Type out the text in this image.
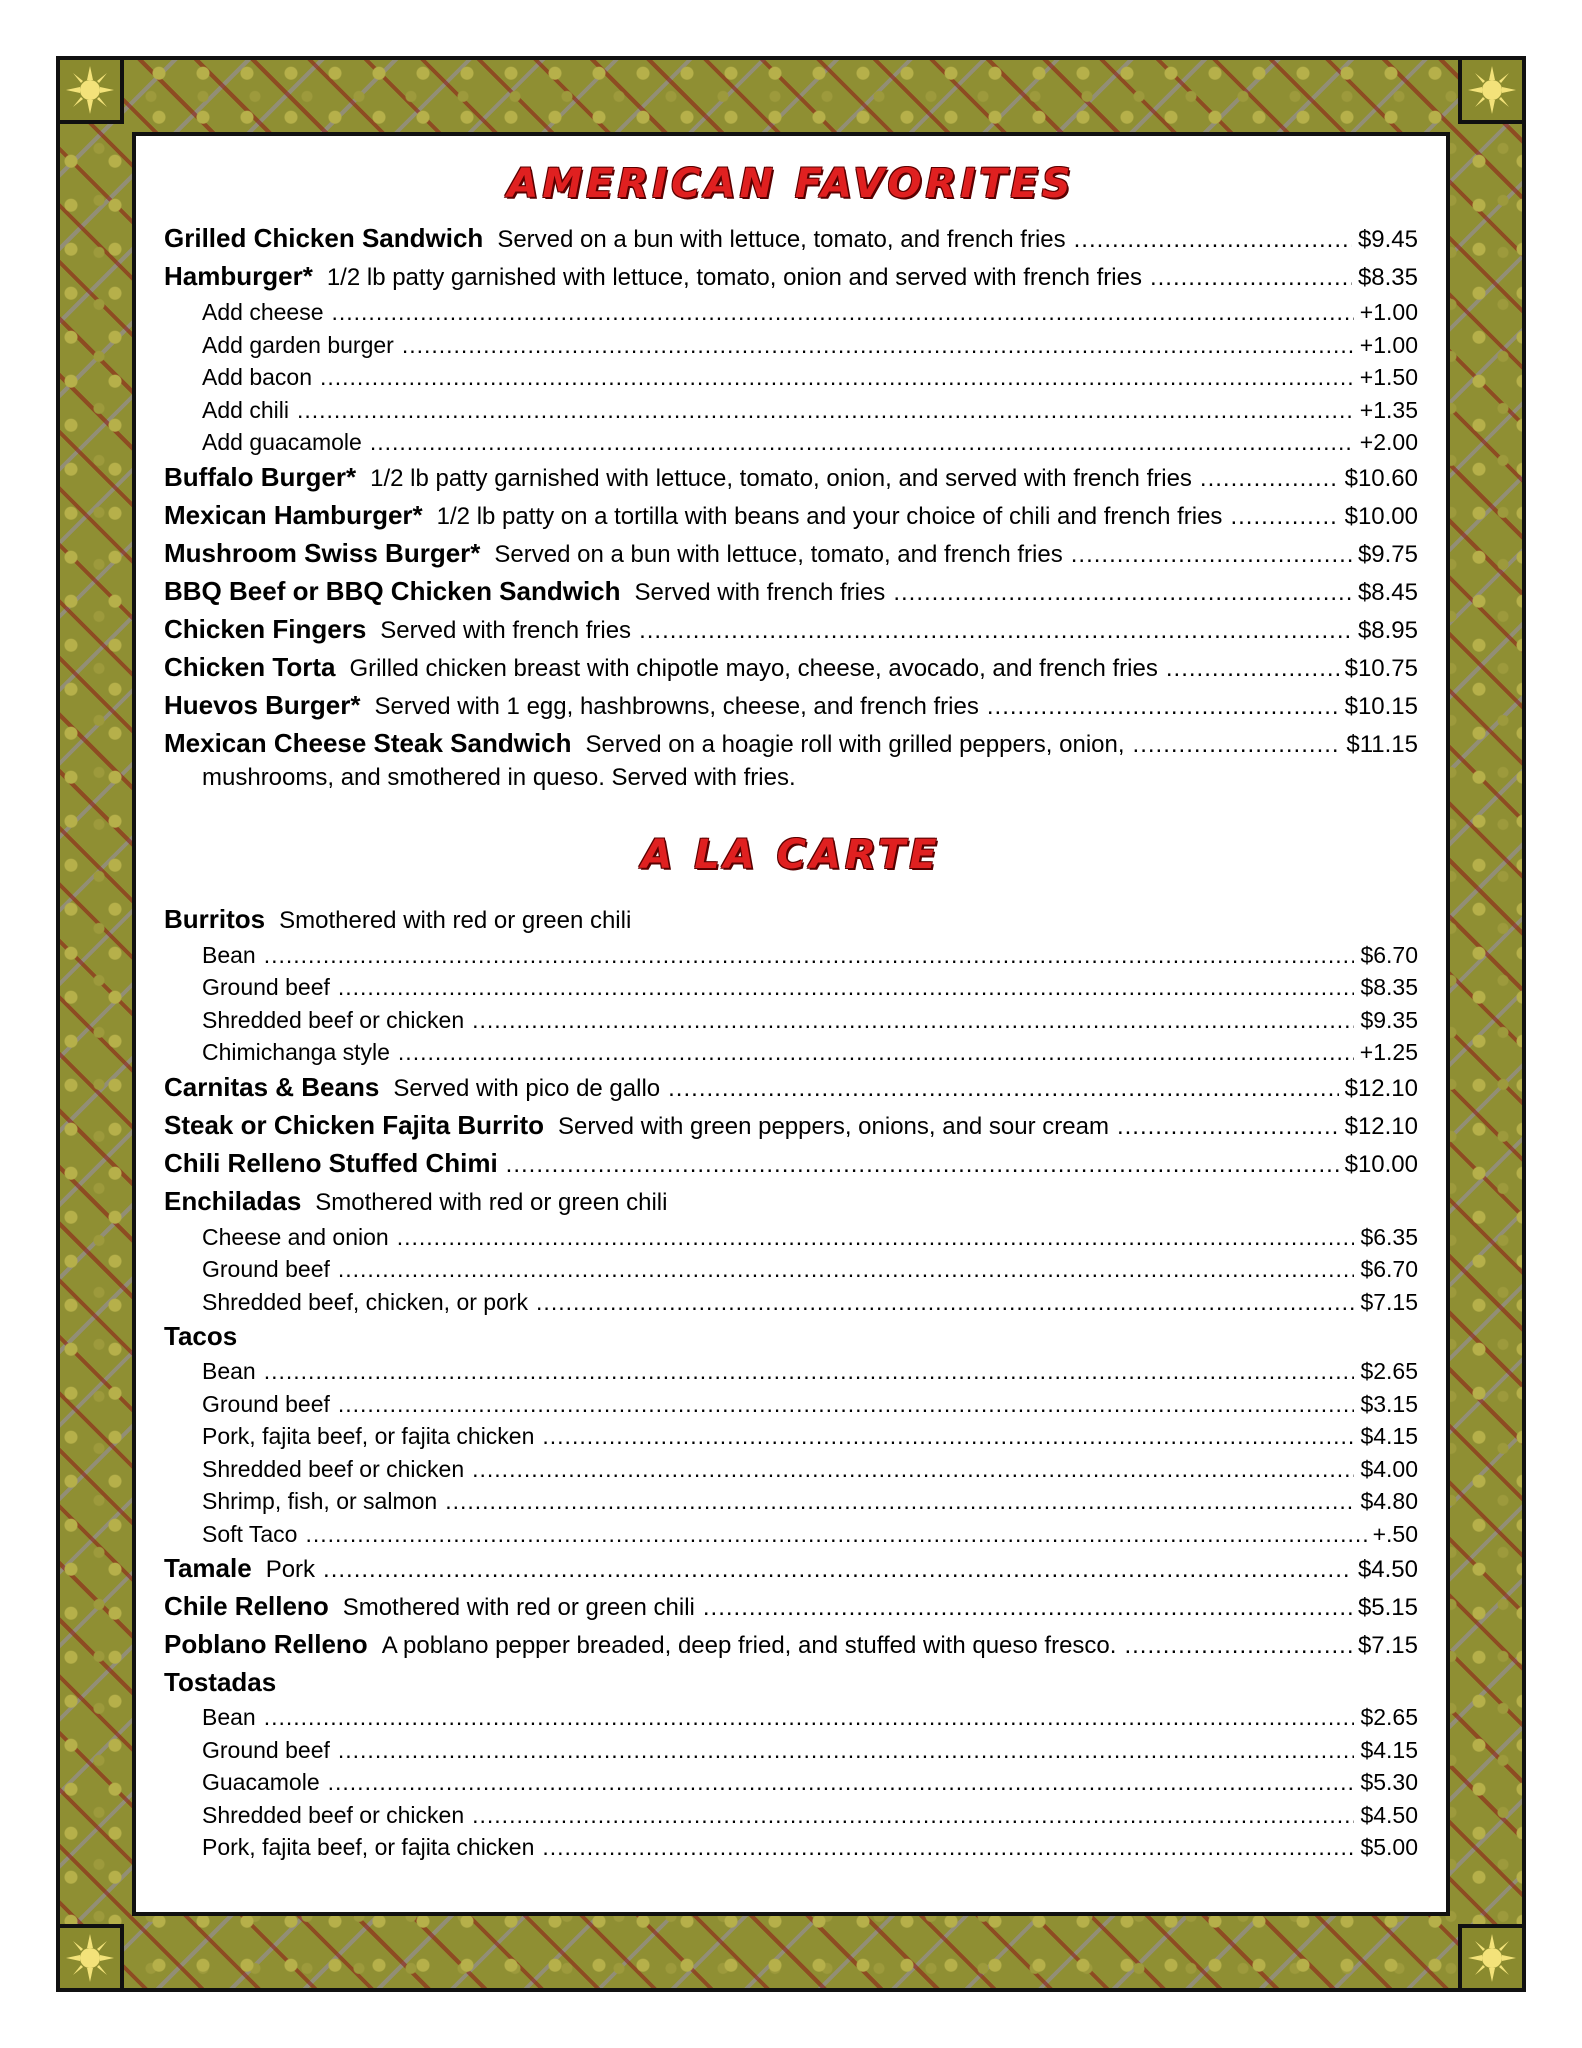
AMERICAN FAVORITES
Grilled Chicken Sandwich Served on a bun with lettuce, tomato, and french fries .....	$9.45
Hamburger* 1/2 lb patty garnished with lettuce, tomato, onion and served with french fries .....	$8.35
Add cheese .....	+1.00
Add garden burger .....	+1.00
Add bacon .....	+1.50
Add chili .....	+1.35
Add guacamole .....	+2.00
Buffalo Burger* 1/2 lb patty garnished with lettuce, tomato, onion, and served with french fries .....	$10.60
Mexican Hamburger* 1/2 lb patty on a tortilla with beans and your choice of chili and french fries .....	$10.00
Mushroom Swiss Burger* Served on a bun with lettuce, tomato, and french fries .....	$9.75
BBQ Beef or BBQ Chicken Sandwich Served with french fries .....	$8.45
Chicken Fingers Served with french fries .....	$8.95
Chicken Torta Grilled chicken breast with chipotle mayo, cheese, avocado, and french fries .....	$10.75
Huevos Burger* Served with 1 egg, hashbrowns, cheese, and french fries .....	$10.15
Mexican Cheese Steak Sandwich Served on a hoagie roll with grilled peppers, onion, .....	$11.15
mushrooms, and smothered in queso. Served with fries.
A LA CARTE
Burritos Smothered with red or green chili
Bean .....	$6.70
Ground beef .....	$8.35
Shredded beef or chicken .....	$9.35
Chimichanga style .....	+1.25
Carnitas & Beans Served with pico de gallo .....	$12.10
Steak or Chicken Fajita Burrito Served with green peppers, onions, and sour cream .....	$12.10
Chili Relleno Stuffed Chimi .....	$10.00
Enchiladas Smothered with red or green chili
Cheese and onion .....	$6.35
Ground beef .....	$6.70
Shredded beef, chicken, or pork .....	$7.15
Tacos
Bean .....	$2.65
Ground beef .....	$3.15
Pork, fajita beef, or fajita chicken .....	$4.15
Shredded beef or chicken .....	$4.00
Shrimp, fish, or salmon .....	$4.80
Soft Taco .....	+.50
Tamale Pork .....	$4.50
Chile Relleno Smothered with red or green chili .....	$5.15
Poblano Relleno A poblano pepper breaded, deep fried, and stuffed with queso fresco. .....	$7.15
Tostadas
Bean .....	$2.65
Ground beef .....	$4.15
Guacamole .....	$5.30
Shredded beef or chicken .....	$4.50
Pork, fajita beef, or fajita chicken .....	$5.00
